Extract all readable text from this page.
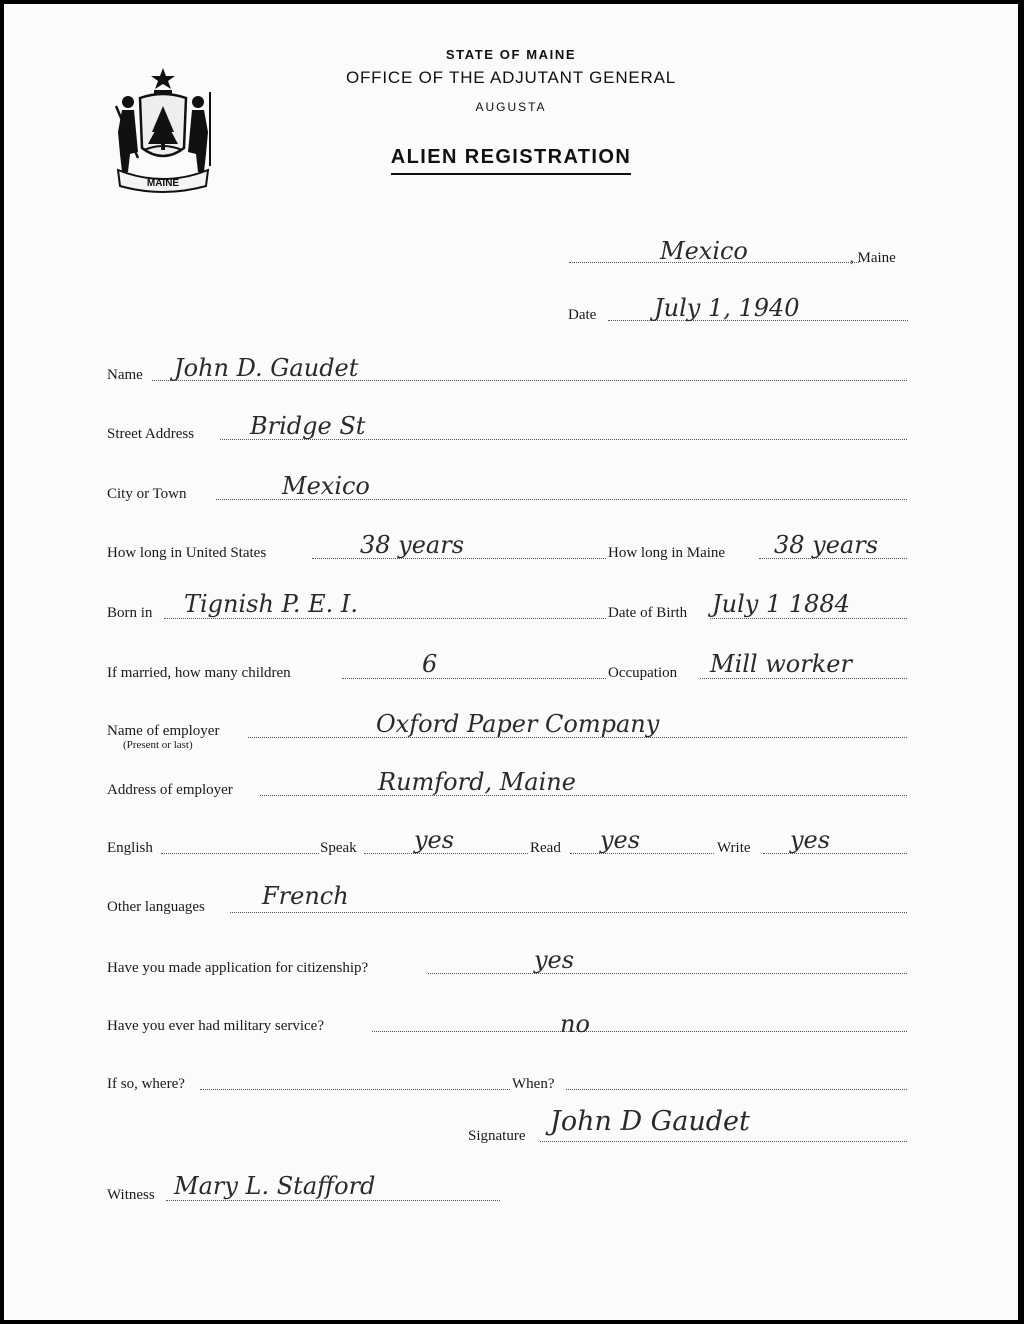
STATE OF MAINE
OFFICE OF THE ADJUTANT GENERAL
AUGUSTA
ALIEN REGISTRATION
MAINE
Mexico	, Maine
Date July 1, 1940
Name John D. Gaudet
Street Address Bridge St
City or Town	Mexico
How long in United States	38 years	How long in Maine 38 years
Born in Tignish P. E. I.	Date of Birth July 1 1884
If married, how many children	6	Occupation Mill worker
Name of employer
(Present or last)
Oxford Paper Company
Address of employer	Rumford, Maine
English	Speak yes	Read yes	Write yes
Other languages French
Have you made application for citizenship?	yes
Have you ever had military service?	no
If so, where?	When?
Signature John D Gaudet
Witness Mary L. Stafford
